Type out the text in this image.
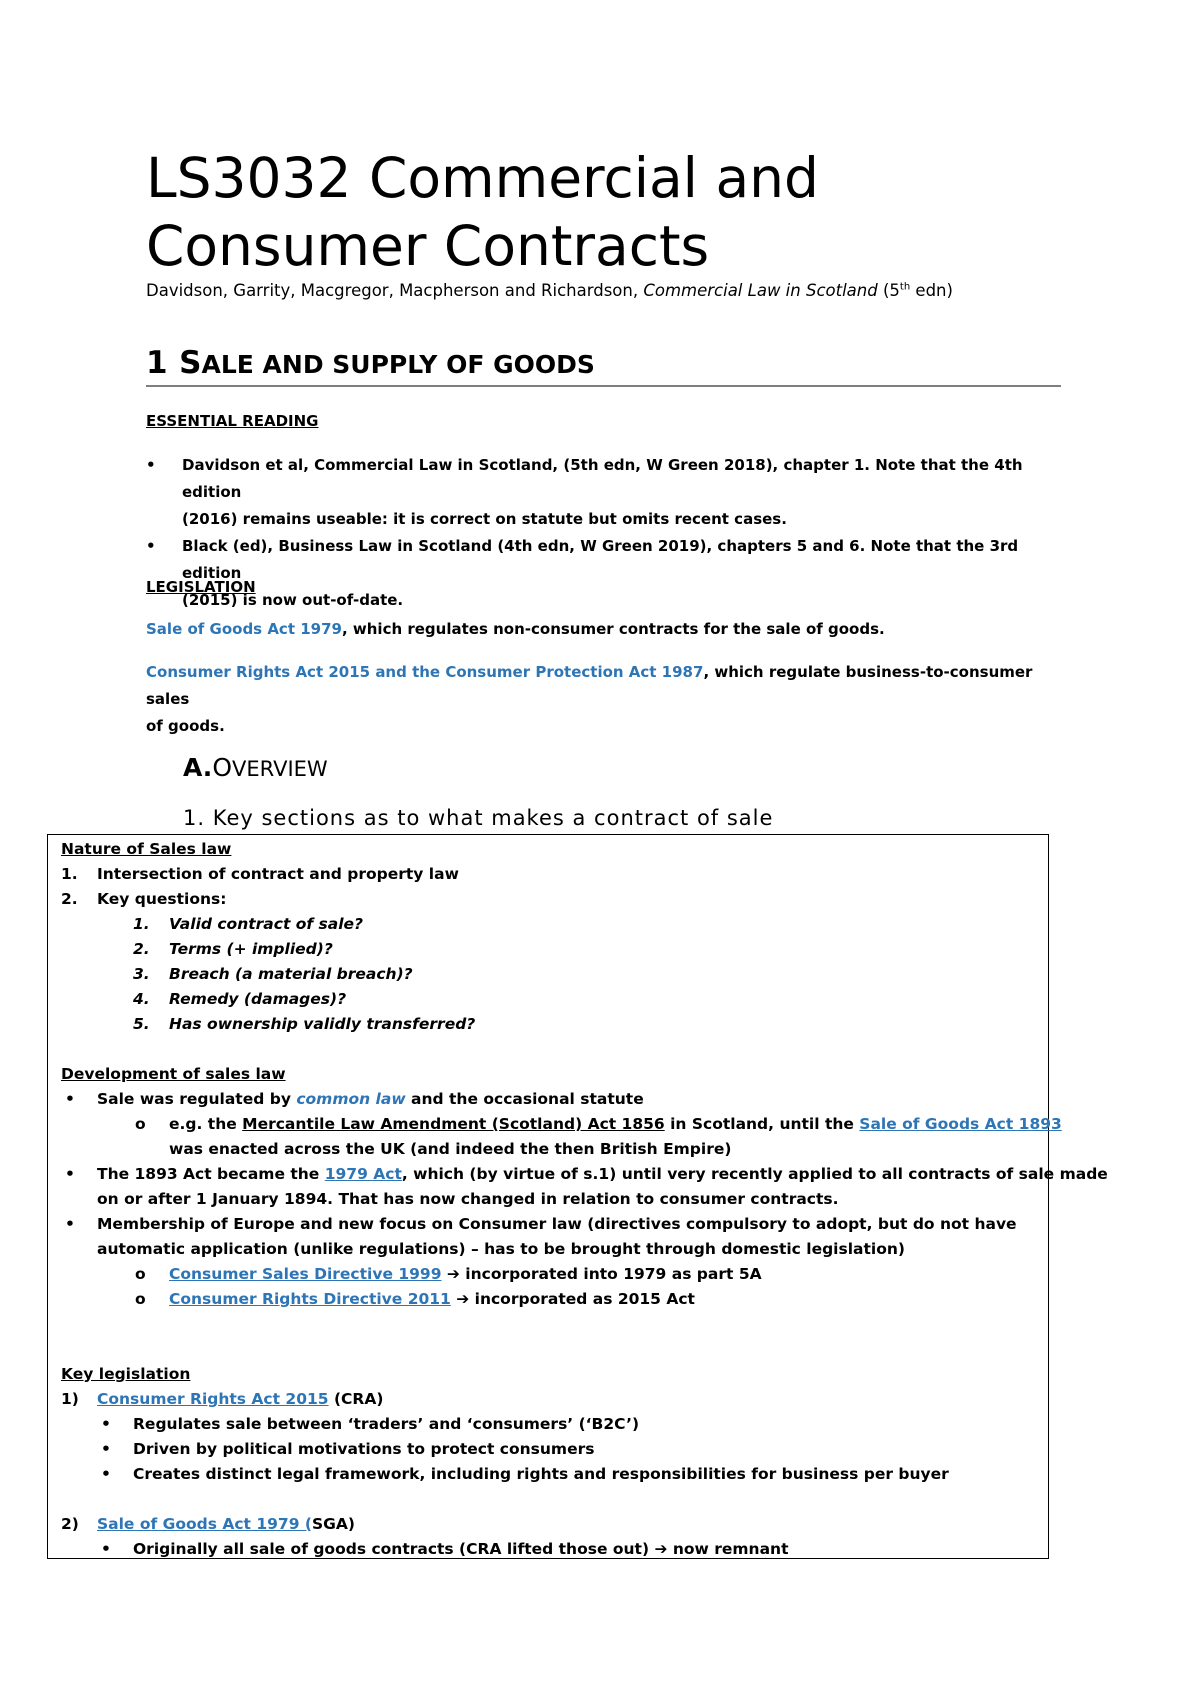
LS3032 Commercial and
Consumer Contracts
Davidson, Garrity, Macgregor, Macpherson and Richardson, Commercial Law in Scotland (5th edn)
1 SALE AND SUPPLY OF GOODS
ESSENTIAL READING
• Davidson et al, Commercial Law in Scotland, (5th edn, W Green 2018), chapter 1. Note that the 4th edition
(2016) remains useable: it is correct on statute but omits recent cases.
• Black (ed), Business Law in Scotland (4th edn, W Green 2019), chapters 5 and 6. Note that the 3rd edition
(2015) is now out-of-date.
LEGISLATION

Sale of Goods Act 1979, which regulates non-consumer contracts for the sale of goods.

Consumer Rights Act 2015 and the Consumer Protection Act 1987, which regulate business-to-consumer sales
of goods.

A.OVERVIEW
1. Key sections as to what makes a contract of sale
Nature of Sales law
1. Intersection of contract and property law
2. Key questions:
1. Valid contract of sale?
2. Terms (+ implied)?
3. Breach (a material breach)?
4. Remedy (damages)?
5. Has ownership validly transferred?
Development of sales law
• Sale was regulated by common law and the occasional statute
o e.g. the Mercantile Law Amendment (Scotland) Act 1856 in Scotland, until the Sale of Goods Act 1893
was enacted across the UK (and indeed the then British Empire)
• The 1893 Act became the 1979 Act, which (by virtue of s.1) until very recently applied to all contracts of sale made
on or after 1 January 1894. That has now changed in relation to consumer contracts.
• Membership of Europe and new focus on Consumer law (directives compulsory to adopt, but do not have
automatic application (unlike regulations) – has to be brought through domestic legislation)
o Consumer Sales Directive 1999 ➔ incorporated into 1979 as part 5A
o Consumer Rights Directive 2011 ➔ incorporated as 2015 Act
Key legislation
1) Consumer Rights Act 2015 (CRA)
• Regulates sale between ‘traders’ and ‘consumers’ (‘B2C’)
• Driven by political motivations to protect consumers
• Creates distinct legal framework, including rights and responsibilities for business per buyer
2) Sale of Goods Act 1979 (SGA)
• Originally all sale of goods contracts (CRA lifted those out) ➔ now remnant
